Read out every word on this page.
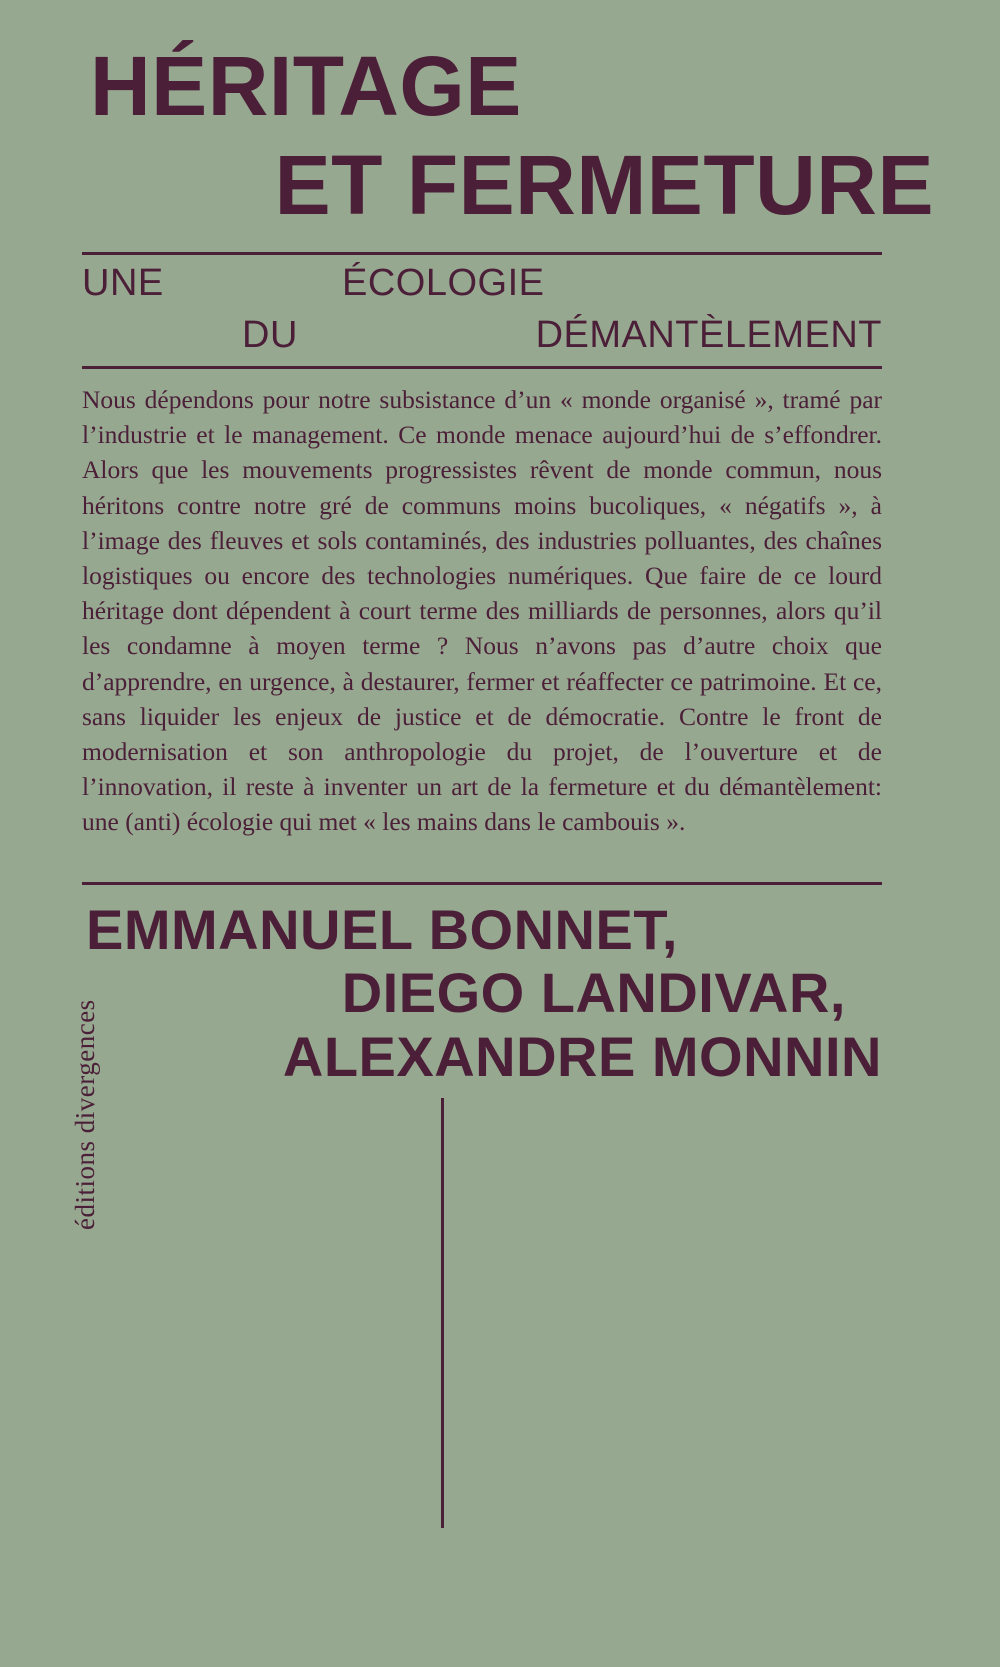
HÉRITAGE
ET FERMETURE
UNE	ÉCOLOGIE
DU	DÉMANTÈLEMENT
Nous dépendons pour notre subsistance d’un « monde organisé », tramé par l’industrie et le management. Ce monde menace aujourd’hui de s’effondrer. Alors que les mouvements progressistes rêvent de monde commun, nous héritons contre notre gré de communs moins bucoliques, « négatifs », à l’image des fleuves et sols contaminés, des industries polluantes, des chaînes logistiques ou encore des technologies numériques. Que faire de ce lourd héritage dont dépendent à court terme des milliards de personnes, alors qu’il les condamne à moyen terme ? Nous n’avons pas d’autre choix que d’apprendre, en urgence, à destaurer, fermer et réaffecter ce patrimoine. Et ce, sans liquider les enjeux de justice et de démocratie. Contre le front de modernisation et son anthropologie du projet, de l’ouverture et de l’innovation, il reste à inventer un art de la fermeture et du démantèlement: une (anti) écologie qui met « les mains dans le cambouis ».
EMMANUEL BONNET,
DIEGO LANDIVAR,
ALEXANDRE MONNIN
éditions divergences
